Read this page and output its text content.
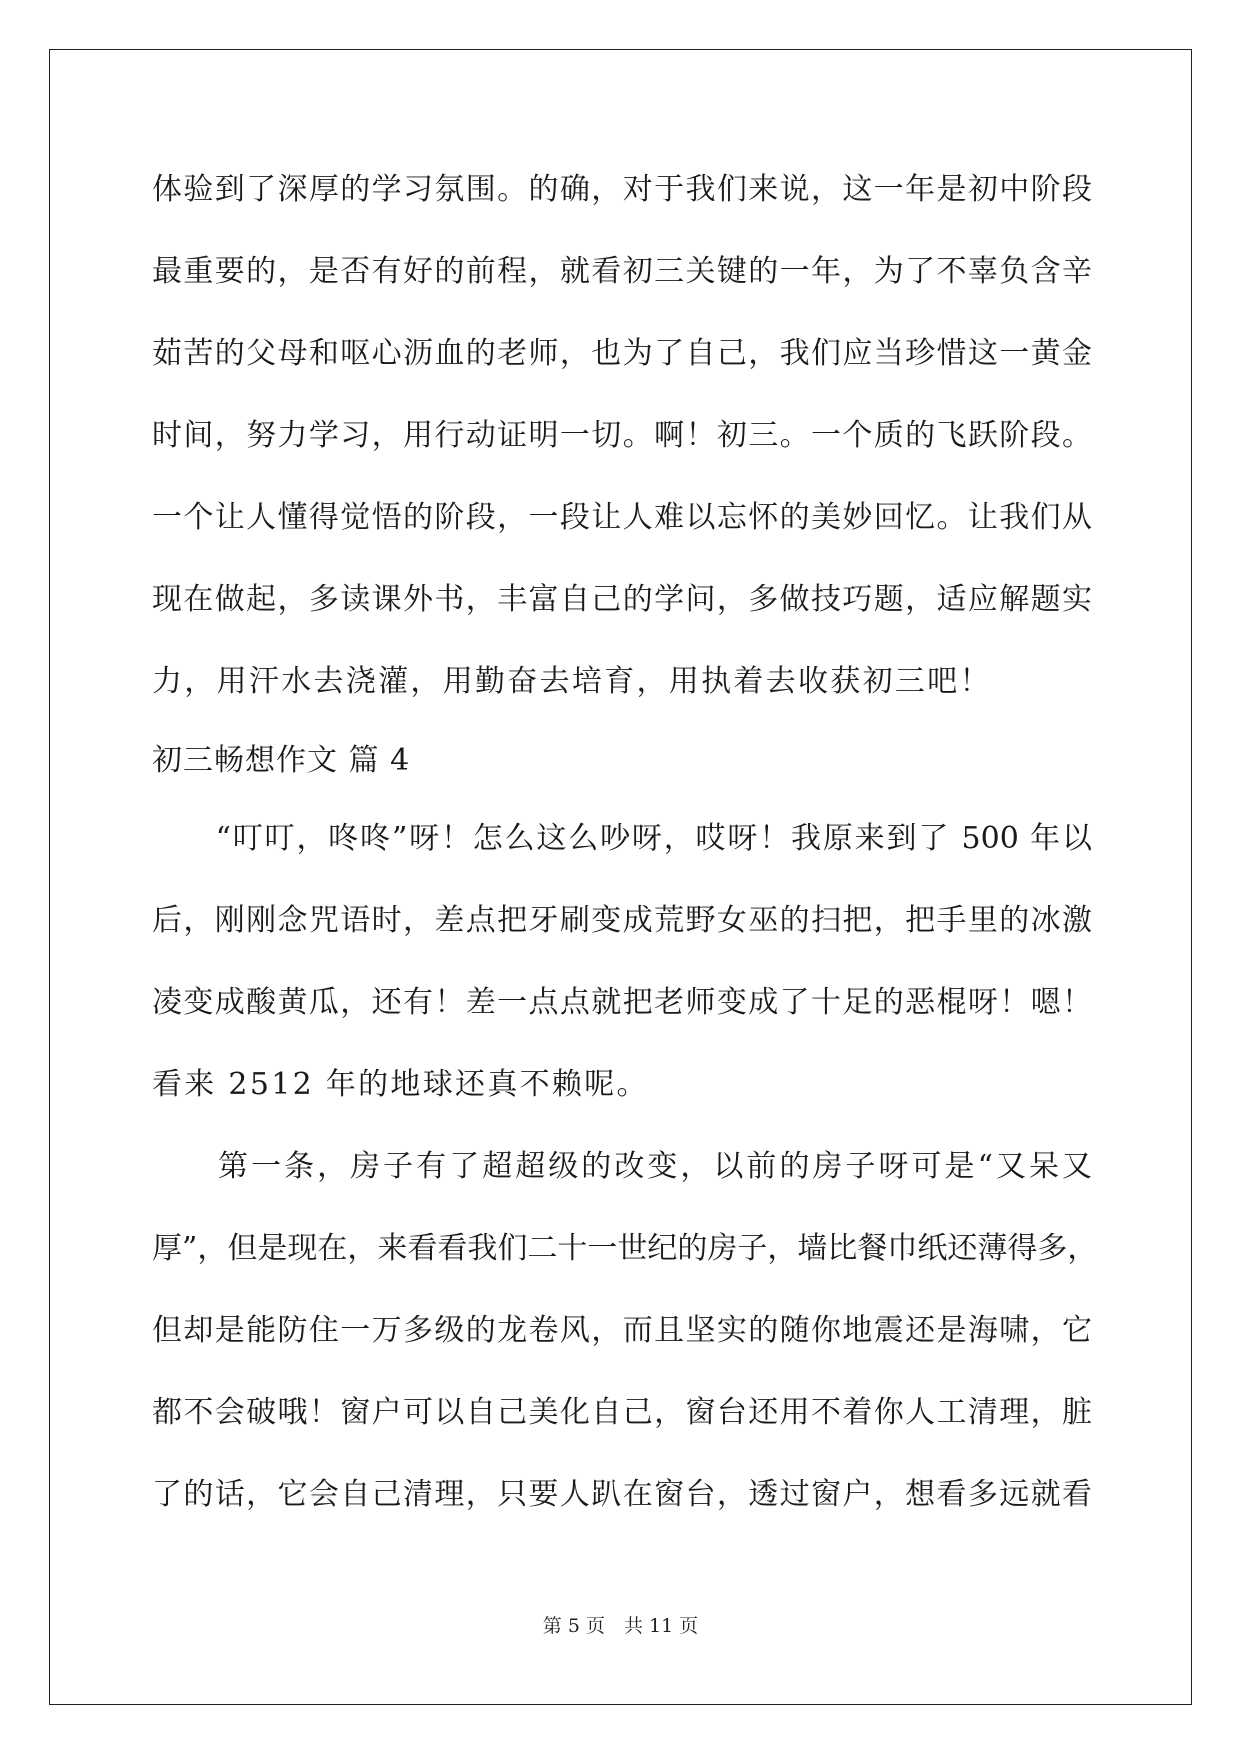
体验到了深厚的学习氛围。的确，对于我们来说，这一年是初中阶段
最重要的，是否有好的前程，就看初三关键的一年，为了不辜负含辛
茹苦的父母和呕心沥血的老师，也为了自己，我们应当珍惜这一黄金
时间，努力学习，用行动证明一切。啊！初三。一个质的飞跃阶段。
一个让人懂得觉悟的阶段，一段让人难以忘怀的美妙回忆。让我们从
现在做起，多读课外书，丰富自己的学问，多做技巧题，适应解题实
力，用汗水去浇灌，用勤奋去培育，用执着去收获初三吧！
初三畅想作文 篇 4
　　“叮叮，咚咚”呀！怎么这么吵呀，哎呀！我原来到了 500 年以
后，刚刚念咒语时，差点把牙刷变成荒野女巫的扫把，把手里的冰激
凌变成酸黄瓜，还有！差一点点就把老师变成了十足的恶棍呀！嗯！
看来 2512 年的地球还真不赖呢。
　　第一条，房子有了超超级的改变，以前的房子呀可是“又呆又
厚”，但是现在，来看看我们二十一世纪的房子，墙比餐巾纸还薄得多，
但却是能防住一万多级的龙卷风，而且坚实的随你地震还是海啸，它
都不会破哦！窗户可以自己美化自己，窗台还用不着你人工清理，脏
了的话，它会自己清理，只要人趴在窗台，透过窗户，想看多远就看
第 5 页　共 11 页
